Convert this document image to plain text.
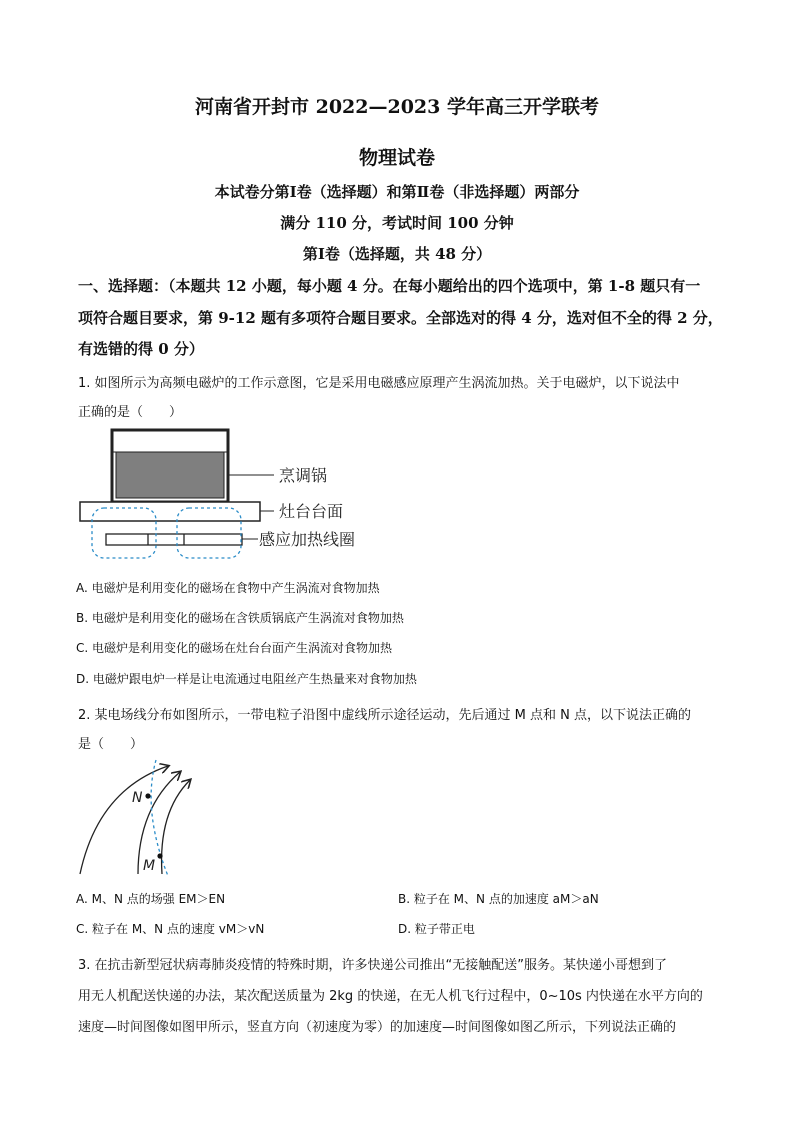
河南省开封市 2022—2023 学年高三开学联考
物理试卷
本试卷分第Ⅰ卷（选择题）和第Ⅱ卷（非选择题）两部分
满分 110 分，考试时间 100 分钟
第Ⅰ卷（选择题，共 48 分）
一、选择题：（本题共 12 小题，每小题 4 分。在每小题给出的四个选项中，第 1-8 题只有一
项符合题目要求，第 9-12 题有多项符合题目要求。全部选对的得 4 分，选对但不全的得 2 分，
有选错的得 0 分）
1. 如图所示为高频电磁炉的工作示意图，它是采用电磁感应原理产生涡流加热。关于电磁炉，以下说法中
正确的是（　　）
烹调锅
灶台台面
感应加热线圈
A. 电磁炉是利用变化的磁场在食物中产生涡流对食物加热
B. 电磁炉是利用变化的磁场在含铁质锅底产生涡流对食物加热
C. 电磁炉是利用变化的磁场在灶台台面产生涡流对食物加热
D. 电磁炉跟电炉一样是让电流通过电阻丝产生热量来对食物加热
2. 某电场线分布如图所示，一带电粒子沿图中虚线所示途径运动，先后通过 M 点和 N 点，以下说法正确的
是（　　）
N
M
A. M、N 点的场强 EM＞EN	B. 粒子在 M、N 点的加速度 aM＞aN
C. 粒子在 M、N 点的速度 vM＞vN	D. 粒子带正电
3. 在抗击新型冠状病毒肺炎疫情的特殊时期，许多快递公司推出“无接触配送”服务。某快递小哥想到了
用无人机配送快递的办法，某次配送质量为 2kg 的快递，在无人机飞行过程中，0~10s 内快递在水平方向的
速度—时间图像如图甲所示，竖直方向（初速度为零）的加速度—时间图像如图乙所示，下列说法正确的
